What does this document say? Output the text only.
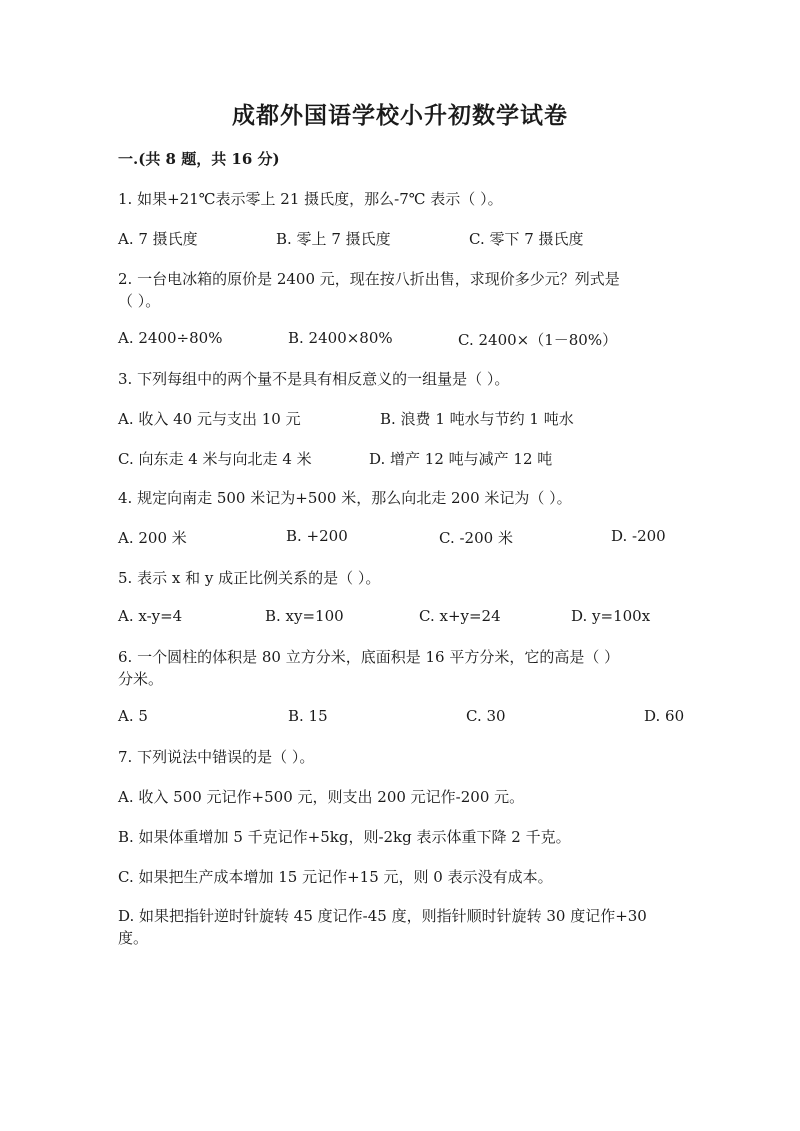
成都外国语学校小升初数学试卷
一.(共 8 题，共 16 分)
1. 如果+21℃表示零上 21 摄氏度，那么-7℃ 表示（ ）。
A. 7 摄氏度	B. 零上 7 摄氏度	C. 零下 7 摄氏度
2. 一台电冰箱的原价是 2400 元，现在按八折出售，求现价多少元？列式是
（ ）。
A. 2400÷80%	B. 2400×80%	C. 2400×（1－80%）
3. 下列每组中的两个量不是具有相反意义的一组量是（ ）。
A. 收入 40 元与支出 10 元	B. 浪费 1 吨水与节约 1 吨水
C. 向东走 4 米与向北走 4 米	D. 增产 12 吨与减产 12 吨
4. 规定向南走 500 米记为+500 米，那么向北走 200 米记为（ ）。
A. 200 米	B. +200	C. -200 米	D. -200
5. 表示 x 和 y 成正比例关系的是（ ）。
A. x-y=4	B. xy=100	C. x+y=24	D. y=100x
6. 一个圆柱的体积是 80 立方分米，底面积是 16 平方分米，它的高是（ ）
分米。
A. 5	B. 15	C. 30	D. 60
7. 下列说法中错误的是（ ）。
A. 收入 500 元记作+500 元，则支出 200 元记作-200 元。
B. 如果体重增加 5 千克记作+5kg，则-2kg 表示体重下降 2 千克。
C. 如果把生产成本增加 15 元记作+15 元，则 0 表示没有成本。
D. 如果把指针逆时针旋转 45 度记作-45 度，则指针顺时针旋转 30 度记作+30
度。
